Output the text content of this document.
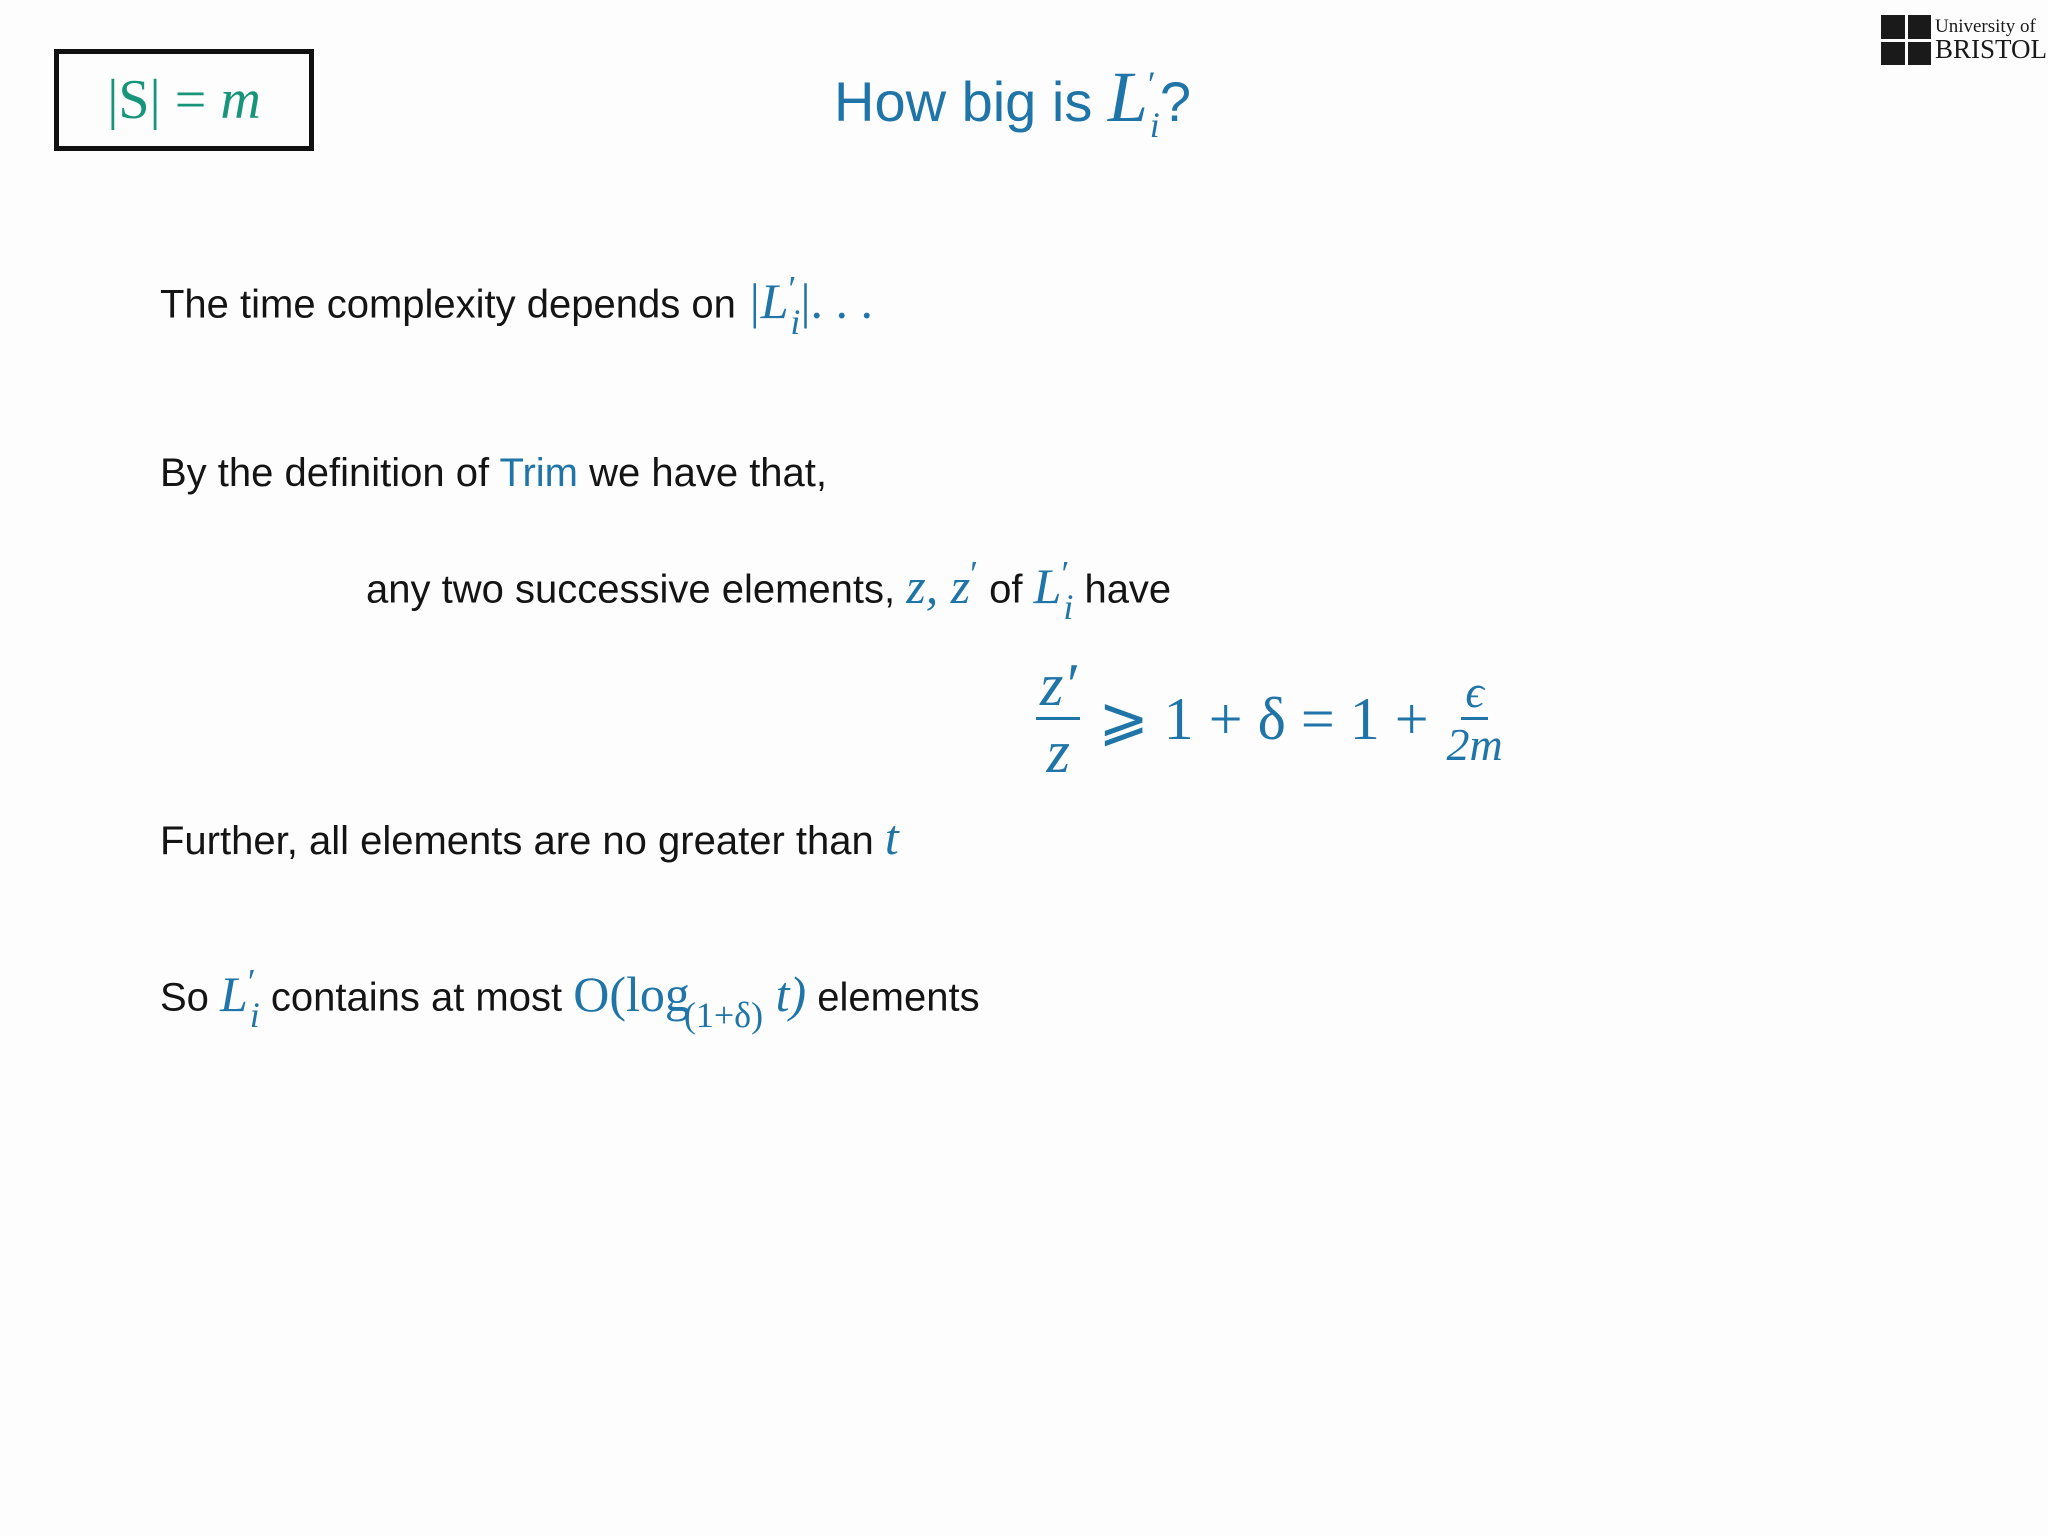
|S| = m	How big is $L'_i$?
University of
BRISTOL
The time complexity depends on $|L'_i|$. . .
By the definition of Trim we have that,
any two successive elements, z, z′ of $L'_i$ have
$\frac{z'}{z}$ ⩾ $1 + \delta = 1 + \frac{\epsilon}{2m}$
Further, all elements are no greater than t
So $L'_i$ contains at most $O(\log_{(1+\delta)}$ t) elements
